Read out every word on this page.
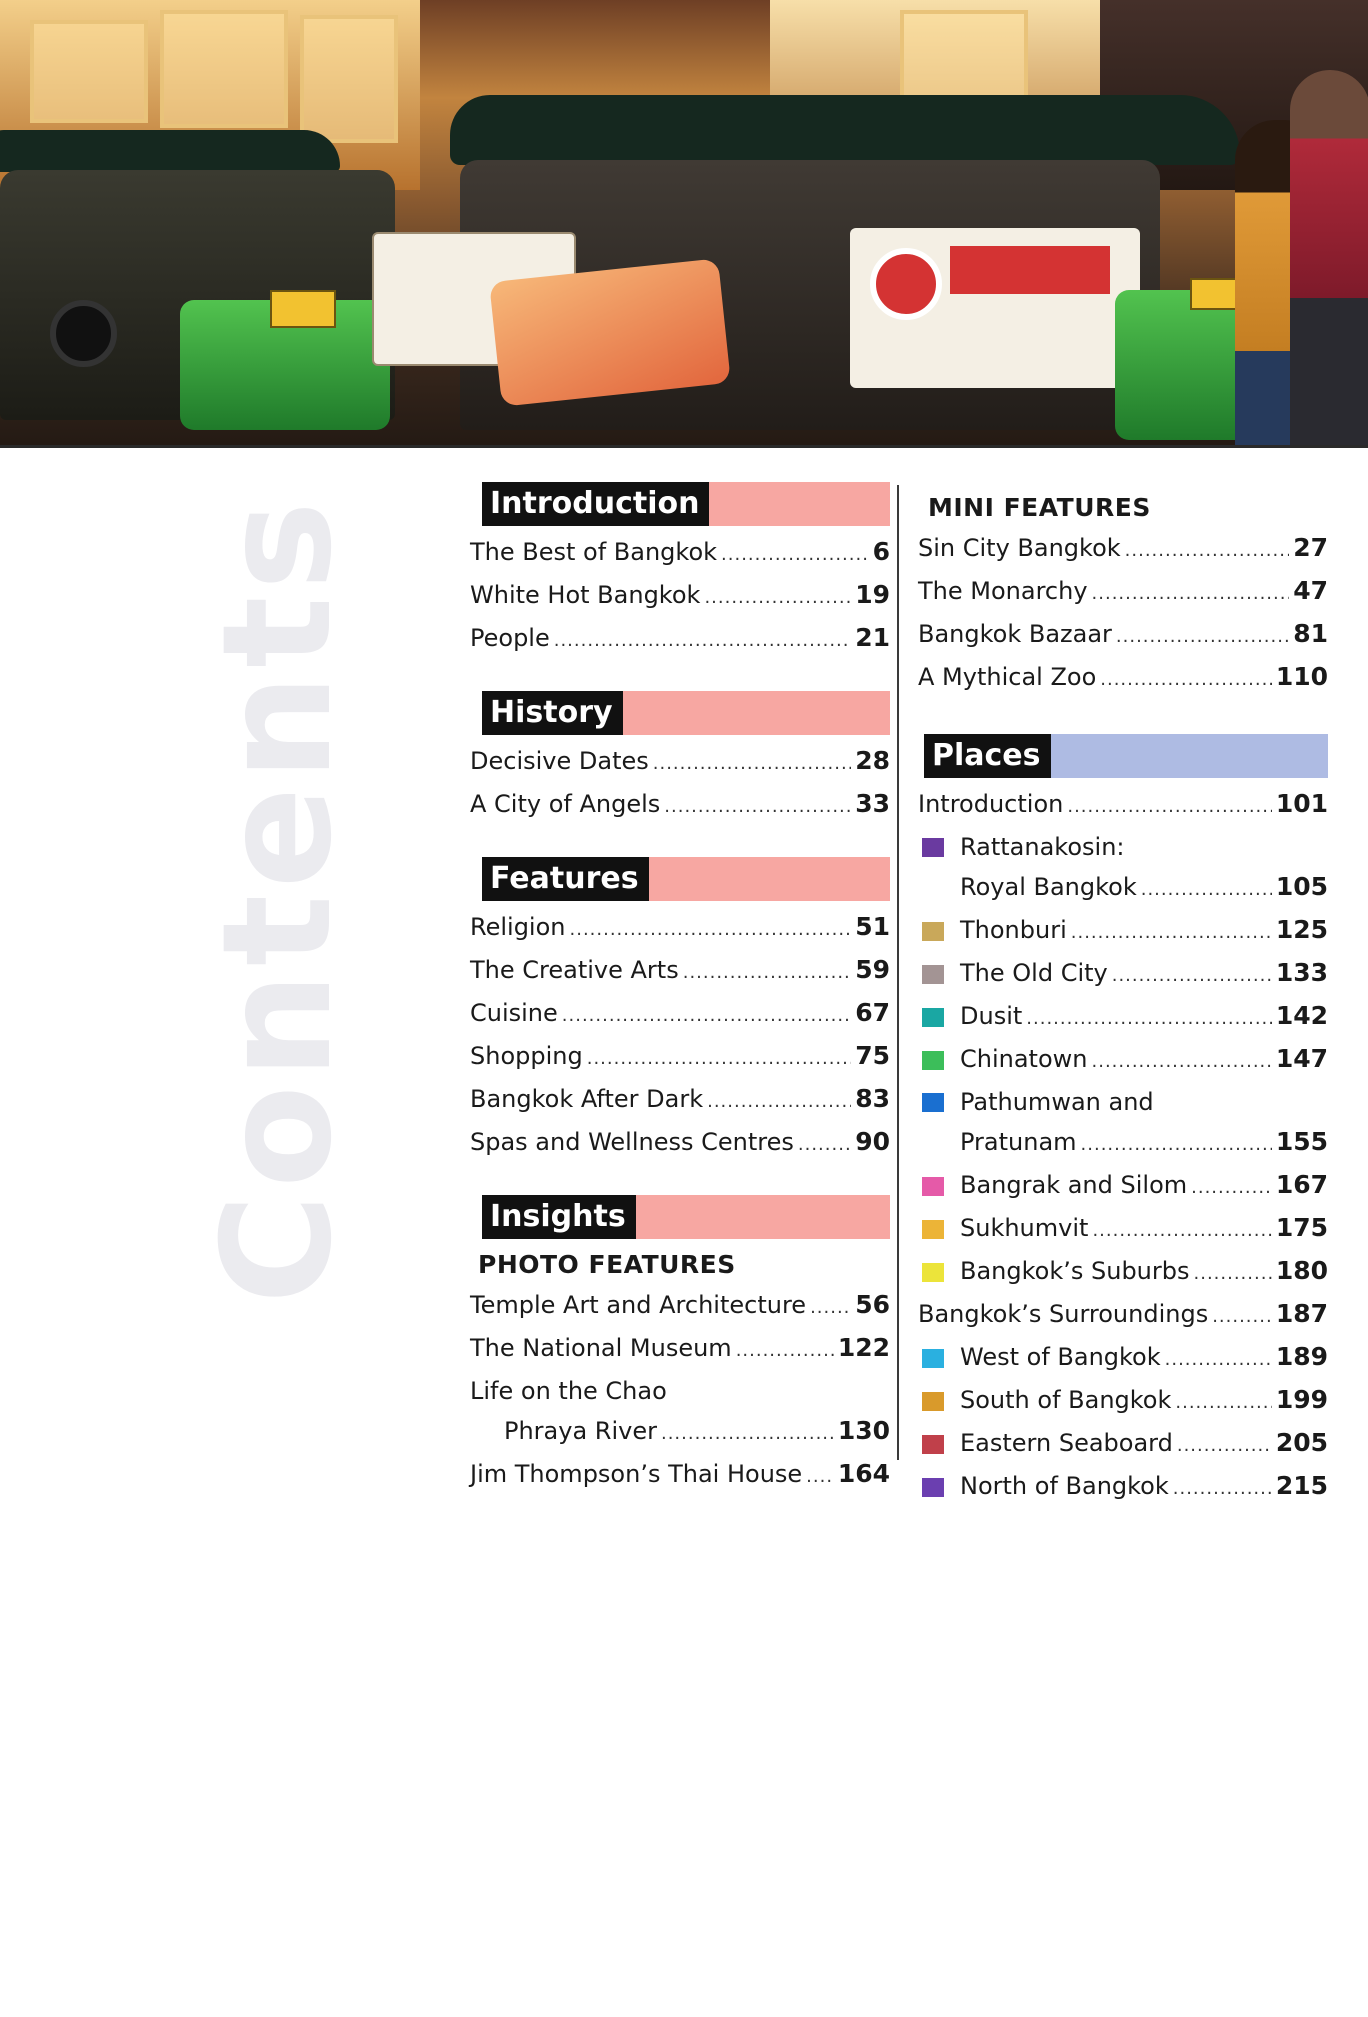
Contents	Introduction
The Best of Bangkok .....	6
White Hot Bangkok .....	19
People .....	21
History
Decisive Dates .....	28
A City of Angels .....	33
Features
Religion .....	51
The Creative Arts .....	59
Cuisine .....	67
Shopping .....	75
Bangkok After Dark .....	83
Spas and Wellness Centres ..... 90
Insights
PHOTO FEATURES
Temple Art and Architecture ..... 56
The National Museum .....	122
Life on the Chao
Phraya River .....	130
Jim Thompson’s Thai House ..... 164
MINI FEATURES
Sin City Bangkok .....	27
The Monarchy .....	47
Bangkok Bazaar .....	81
A Mythical Zoo .....	110
Places
Introduction .....	101
Rattanakosin:
Royal Bangkok .....	105
Thonburi .....	125
The Old City .....	133
Dusit .....	142
Chinatown .....	147
Pathumwan and
Pratunam .....	155
Bangrak and Silom .....	167
Sukhumvit .....	175
Bangkok’s Suburbs .....	180
Bangkok’s Surroundings .....	187
West of Bangkok .....	189
South of Bangkok .....	199
Eastern Seaboard .....	205
North of Bangkok .....	215
